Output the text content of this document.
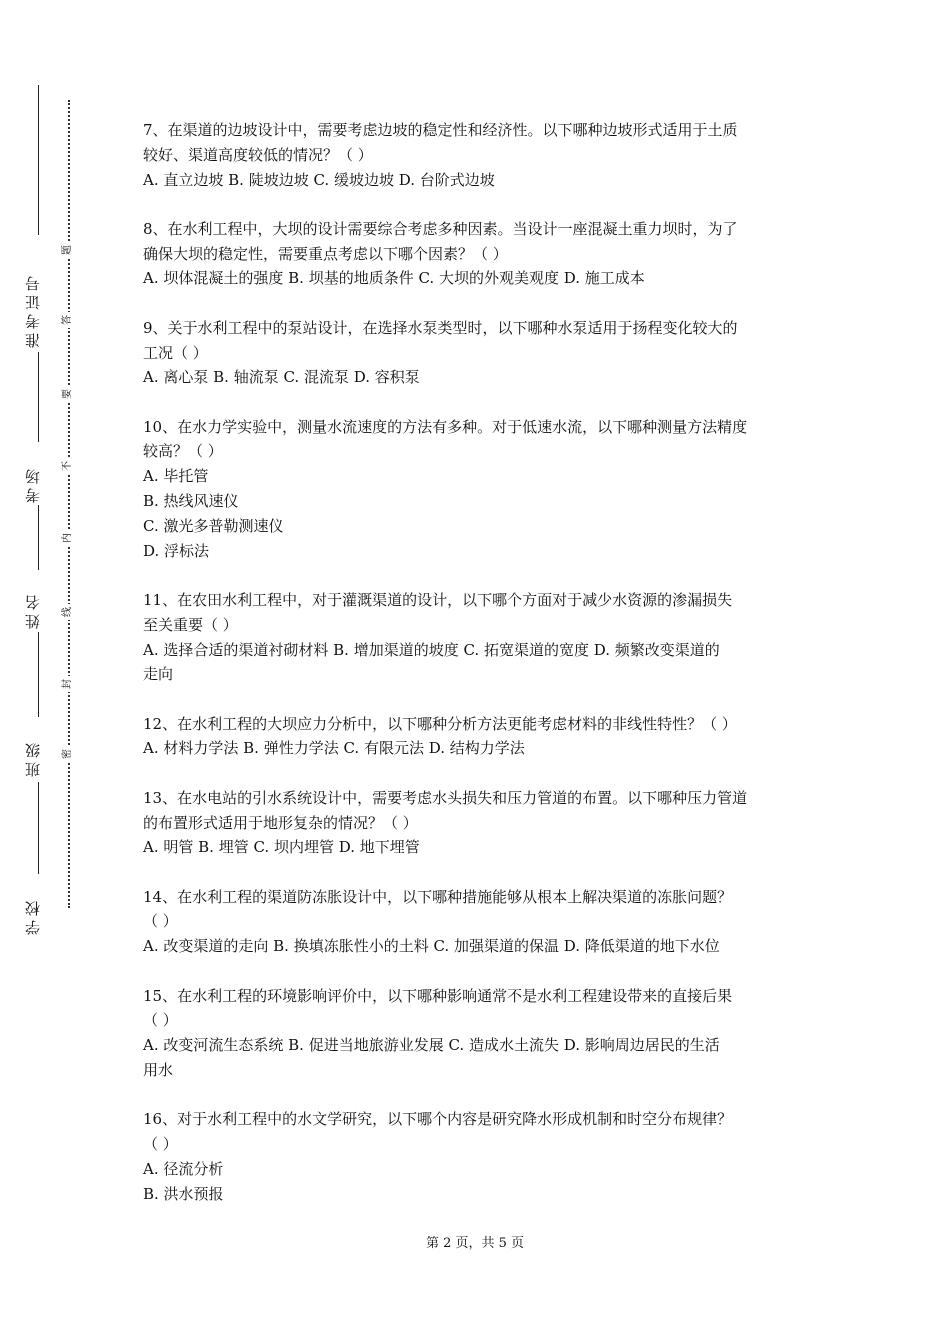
准考证号
考场
姓名
班级
学校
题
答
要
不
内
线
封
密
7、在渠道的边坡设计中，需要考虑边坡的稳定性和经济性。以下哪种边坡形式适用于土质
较好、渠道高度较低的情况？（ ）
A. 直立边坡 B. 陡坡边坡 C. 缓坡边坡 D. 台阶式边坡
8、在水利工程中，大坝的设计需要综合考虑多种因素。当设计一座混凝土重力坝时，为了
确保大坝的稳定性，需要重点考虑以下哪个因素？（ ）
A. 坝体混凝土的强度 B. 坝基的地质条件 C. 大坝的外观美观度 D. 施工成本
9、关于水利工程中的泵站设计，在选择水泵类型时，以下哪种水泵适用于扬程变化较大的
工况（ ）
A. 离心泵 B. 轴流泵 C. 混流泵 D. 容积泵
10、在水力学实验中，测量水流速度的方法有多种。对于低速水流，以下哪种测量方法精度
较高？（ ）
A. 毕托管
B. 热线风速仪
C. 激光多普勒测速仪
D. 浮标法
11、在农田水利工程中，对于灌溉渠道的设计，以下哪个方面对于减少水资源的渗漏损失
至关重要（ ）
A. 选择合适的渠道衬砌材料 B. 增加渠道的坡度 C. 拓宽渠道的宽度 D. 频繁改变渠道的
走向
12、在水利工程的大坝应力分析中，以下哪种分析方法更能考虑材料的非线性特性？（ ）
A. 材料力学法 B. 弹性力学法 C. 有限元法 D. 结构力学法
13、在水电站的引水系统设计中，需要考虑水头损失和压力管道的布置。以下哪种压力管道
的布置形式适用于地形复杂的情况？（ ）
A. 明管 B. 埋管 C. 坝内埋管 D. 地下埋管
14、在水利工程的渠道防冻胀设计中，以下哪种措施能够从根本上解决渠道的冻胀问题？
（ ）
A. 改变渠道的走向 B. 换填冻胀性小的土料 C. 加强渠道的保温 D. 降低渠道的地下水位
15、在水利工程的环境影响评价中，以下哪种影响通常不是水利工程建设带来的直接后果
（ ）
A. 改变河流生态系统 B. 促进当地旅游业发展 C. 造成水土流失 D. 影响周边居民的生活
用水
16、对于水利工程中的水文学研究，以下哪个内容是研究降水形成机制和时空分布规律？
（ ）
A. 径流分析
B. 洪水预报
第 2 页，共 5 页
